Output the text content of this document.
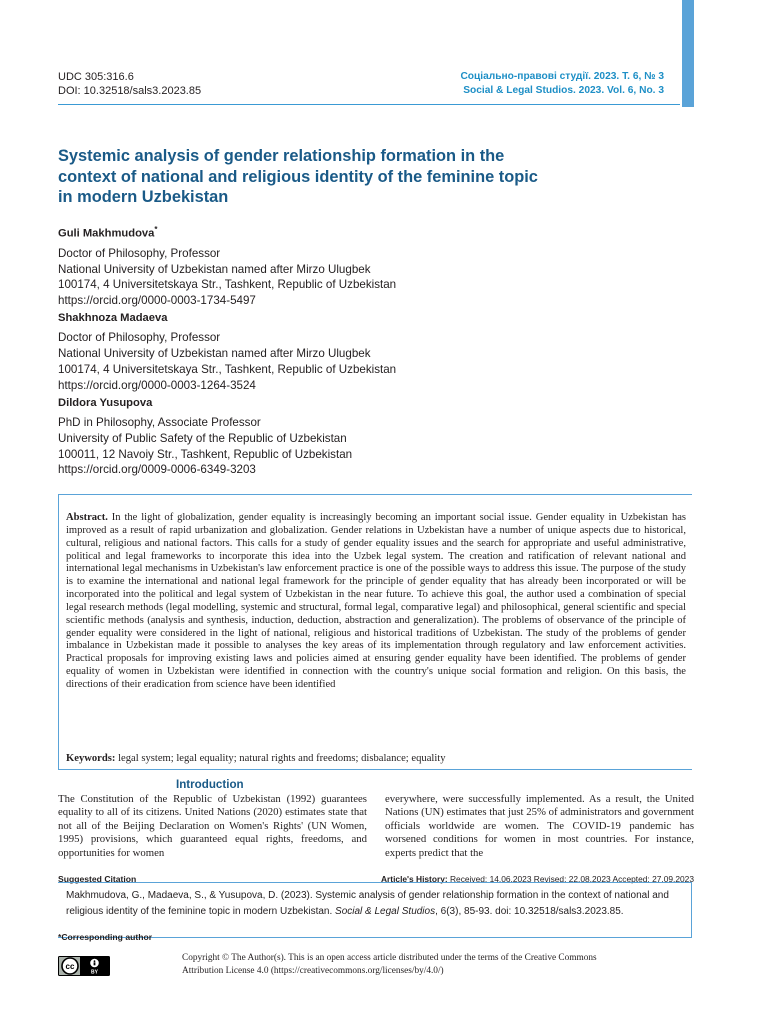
UDC 305:316.6
DOI: 10.32518/sals3.2023.85
Соціально-правові студії. 2023. Т. 6, № 3
Social & Legal Studios. 2023. Vol. 6, No. 3
Systemic analysis of gender relationship formation in the context of national and religious identity of the feminine topic in modern Uzbekistan
Guli Makhmudova*
Doctor of Philosophy, Professor
National University of Uzbekistan named after Mirzo Ulugbek
100174, 4 Universitetskaya Str., Tashkent, Republic of Uzbekistan
https://orcid.org/0000-0003-1734-5497
Shakhnoza Madaeva
Doctor of Philosophy, Professor
National University of Uzbekistan named after Mirzo Ulugbek
100174, 4 Universitetskaya Str., Tashkent, Republic of Uzbekistan
https://orcid.org/0000-0003-1264-3524
Dildora Yusupova
PhD in Philosophy, Associate Professor
University of Public Safety of the Republic of Uzbekistan
100011, 12 Navoiy Str., Tashkent, Republic of Uzbekistan
https://orcid.org/0009-0006-6349-3203
Abstract. In the light of globalization, gender equality is increasingly becoming an important social issue. Gender equality in Uzbekistan has improved as a result of rapid urbanization and globalization. Gender relations in Uzbekistan have a number of unique aspects due to historical, cultural, religious and national factors. This calls for a study of gender equality issues and the search for appropriate and useful administrative, political and legal frameworks to incorporate this idea into the Uzbek legal system. The creation and ratification of relevant national and international legal mechanisms in Uzbekistan's law enforcement practice is one of the possible ways to address this issue. The purpose of the study is to examine the international and national legal framework for the principle of gender equality that has already been incorporated or will be incorporated into the political and legal system of Uzbekistan in the near future. To achieve this goal, the author used a combination of special legal research methods (legal modelling, systemic and structural, formal legal, comparative legal) and philosophical, general scientific and special scientific methods (analysis and synthesis, induction, deduction, abstraction and generalization). The problems of observance of the principle of gender equality were considered in the light of national, religious and historical traditions of Uzbekistan. The study of the problems of gender imbalance in Uzbekistan made it possible to analyses the key areas of its implementation through regulatory and law enforcement activities. Practical proposals for improving existing laws and policies aimed at ensuring gender equality have been identified. The problems of gender equality of women in Uzbekistan were identified in connection with the country's unique social formation and religion. On this basis, the directions of their eradication from science have been identified
Keywords: legal system; legal equality; natural rights and freedoms; disbalance; equality
Introduction
The Constitution of the Republic of Uzbekistan (1992) guarantees equality to all of its citizens. United Nations (2020) estimates state that not all of the Beijing Declaration on Women's Rights' (UN Women, 1995) provisions, which guaranteed equal rights, freedoms, and opportunities for women
everywhere, were successfully implemented. As a result, the United Nations (UN) estimates that just 25% of administrators and government officials worldwide are women. The COVID-19 pandemic has worsened conditions for women in most countries. For instance, experts predict that the
Suggested Citation	Article's History: Received: 14.06.2023 Revised: 22.08.2023 Accepted: 27.09.2023
Makhmudova, G., Madaeva, S., & Yusupova, D. (2023). Systemic analysis of gender relationship formation in the context of national and religious identity of the feminine topic in modern Uzbekistan. Social & Legal Studios, 6(3), 85-93. doi: 10.32518/sals3.2023.85.
*Corresponding author
cc
BY
Copyright © The Author(s). This is an open access article distributed under the terms of the Creative Commons Attribution License 4.0 (https://creativecommons.org/licenses/by/4.0/)
